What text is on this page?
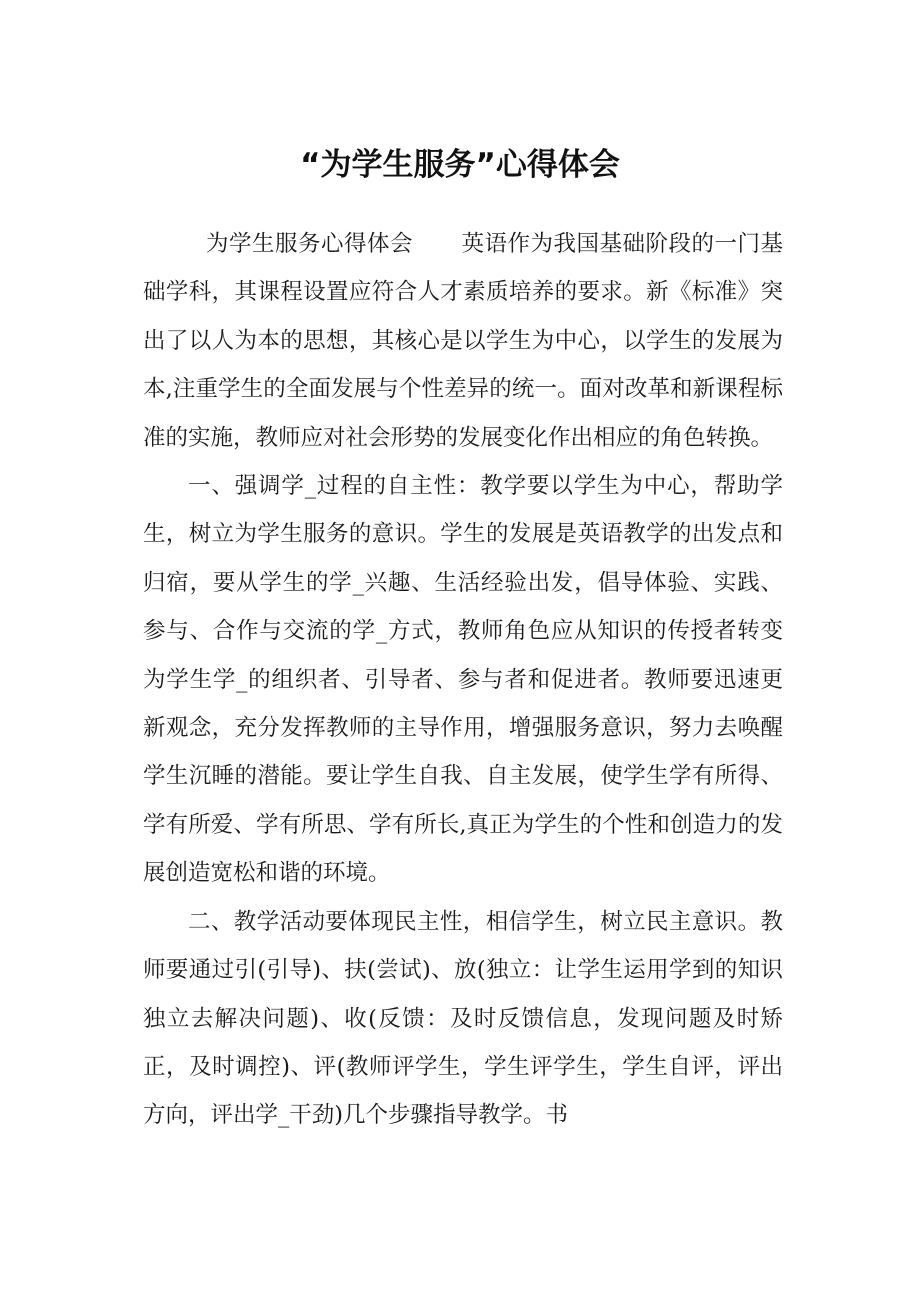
“为学生服务”心得体会

为学生服务心得体会 英语作为我国基础阶段的一门基础学科，其课程设置应符合人才素质培养的要求。新《标准》突出了以人为本的思想，其核心是以学生为中心，以学生的发展为本,注重学生的全面发展与个性差异的统一。面对改革和新课程标准的实施，教师应对社会形势的发展变化作出相应的角色转换。

一、强调学_过程的自主性：教学要以学生为中心，帮助学生，树立为学生服务的意识。学生的发展是英语教学的出发点和归宿，要从学生的学_兴趣、生活经验出发，倡导体验、实践、参与、合作与交流的学_方式，教师角色应从知识的传授者转变为学生学_的组织者、引导者、参与者和促进者。教师要迅速更新观念，充分发挥教师的主导作用，增强服务意识，努力去唤醒学生沉睡的潜能。要让学生自我、自主发展，使学生学有所得、学有所爱、学有所思、学有所长,真正为学生的个性和创造力的发展创造宽松和谐的环境。

二、教学活动要体现民主性，相信学生，树立民主意识。教师要通过引(引导)、扶(尝试)、放(独立：让学生运用学到的知识独立去解决问题)、收(反馈：及时反馈信息，发现问题及时矫正，及时调控)、评(教师评学生，学生评学生，学生自评，评出方向，评出学_干劲)几个步骤指导教学。书
